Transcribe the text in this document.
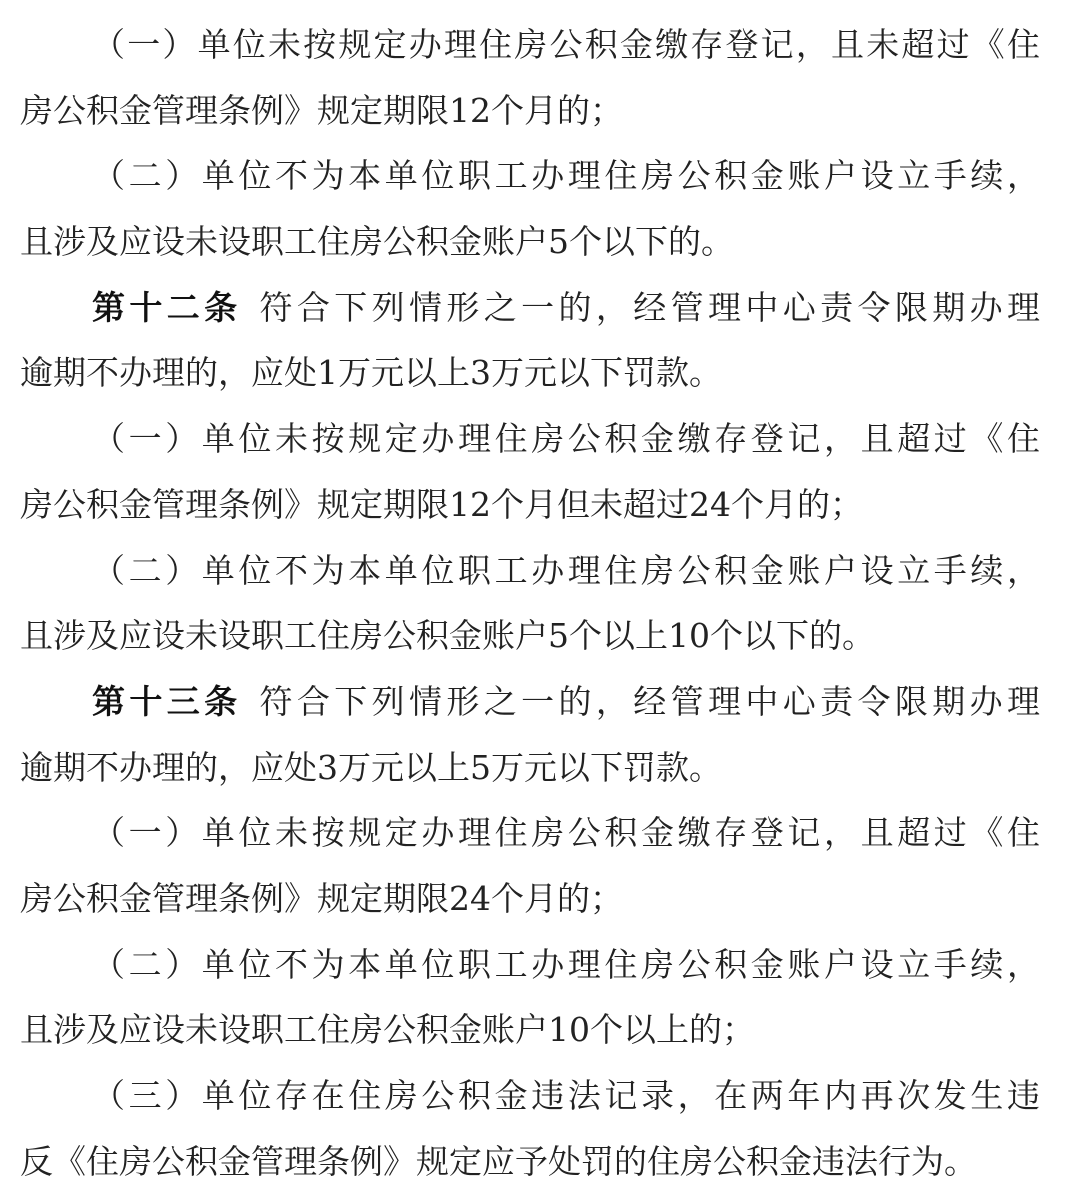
（一）单位未按规定办理住房公积金缴存登记，且未超过《住
房公积金管理条例》规定期限12个月的；
（二）单位不为本单位职工办理住房公积金账户设立手续，
且涉及应设未设职工住房公积金账户5个以下的。
第十二条 符合下列情形之一的，经管理中心责令限期办理
逾期不办理的，应处1万元以上3万元以下罚款。
（一）单位未按规定办理住房公积金缴存登记，且超过《住
房公积金管理条例》规定期限12个月但未超过24个月的；
（二）单位不为本单位职工办理住房公积金账户设立手续，
且涉及应设未设职工住房公积金账户5个以上10个以下的。
第十三条 符合下列情形之一的，经管理中心责令限期办理
逾期不办理的，应处3万元以上5万元以下罚款。
（一）单位未按规定办理住房公积金缴存登记，且超过《住
房公积金管理条例》规定期限24个月的；
（二）单位不为本单位职工办理住房公积金账户设立手续，
且涉及应设未设职工住房公积金账户10个以上的；
（三）单位存在住房公积金违法记录，在两年内再次发生违
反《住房公积金管理条例》规定应予处罚的住房公积金违法行为。
